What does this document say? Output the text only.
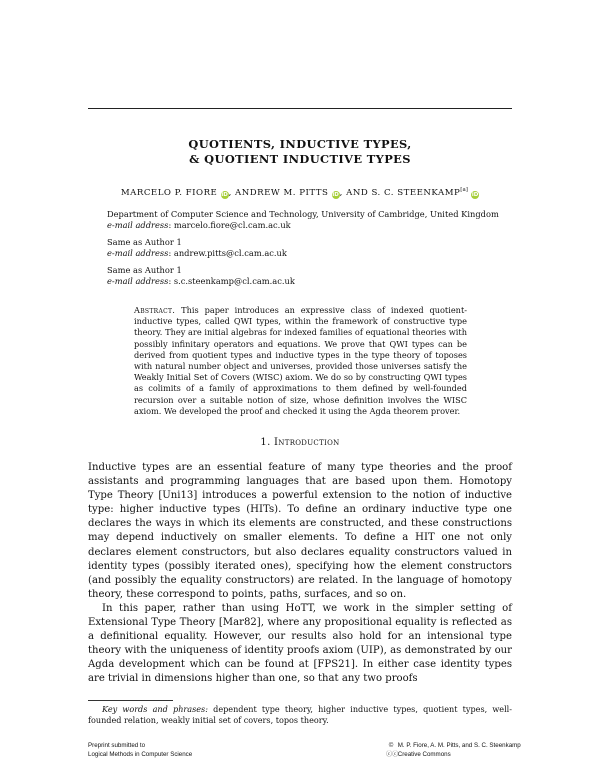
QUOTIENTS, INDUCTIVE TYPES,
& QUOTIENT INDUCTIVE TYPES
MARCELO P. FIORE iD, ANDREW M. PITTS iD, AND S. C. STEENKAMP[a] iD
Department of Computer Science and Technology, University of Cambridge, United Kingdom
e-mail address: marcelo.fiore@cl.cam.ac.uk
Same as Author 1
e-mail address: andrew.pitts@cl.cam.ac.uk
Same as Author 1
e-mail address: s.c.steenkamp@cl.cam.ac.uk
Abstract. This paper introduces an expressive class of indexed quotient-inductive types, called QWI types, within the framework of constructive type theory. They are initial algebras for indexed families of equational theories with possibly infinitary operators and equations. We prove that QWI types can be derived from quotient types and inductive types in the type theory of toposes with natural number object and universes, provided those universes satisfy the Weakly Initial Set of Covers (WISC) axiom. We do so by constructing QWI types as colimits of a family of approximations to them defined by well-founded recursion over a suitable notion of size, whose definition involves the WISC axiom. We developed the proof and checked it using the Agda theorem prover.
1. Introduction

Inductive types are an essential feature of many type theories and the proof assistants and programming languages that are based upon them. Homotopy Type Theory [Uni13] introduces a powerful extension to the notion of inductive type: higher inductive types (HITs). To define an ordinary inductive type one declares the ways in which its elements are constructed, and these constructions may depend inductively on smaller elements. To define a HIT one not only declares element constructors, but also declares equality constructors valued in identity types (possibly iterated ones), specifying how the element constructors (and possibly the equality constructors) are related. In the language of homotopy theory, these correspond to points, paths, surfaces, and so on.

In this paper, rather than using HoTT, we work in the simpler setting of Extensional Type Theory [Mar82], where any propositional equality is reflected as a definitional equality. However, our results also hold for an intensional type theory with the uniqueness of identity proofs axiom (UIP), as demonstrated by our Agda development which can be found at [FPS21]. In either case identity types are trivial in dimensions higher than one, so that any two proofs

Key words and phrases: dependent type theory, higher inductive types, quotient types, well-founded relation, weakly initial set of covers, topos theory.
Preprint submitted to
Logical Methods in Computer Science
© M. P. Fiore, A. M. Pitts, and S. C. Steenkamp
ⓒⓒ Creative Commons
